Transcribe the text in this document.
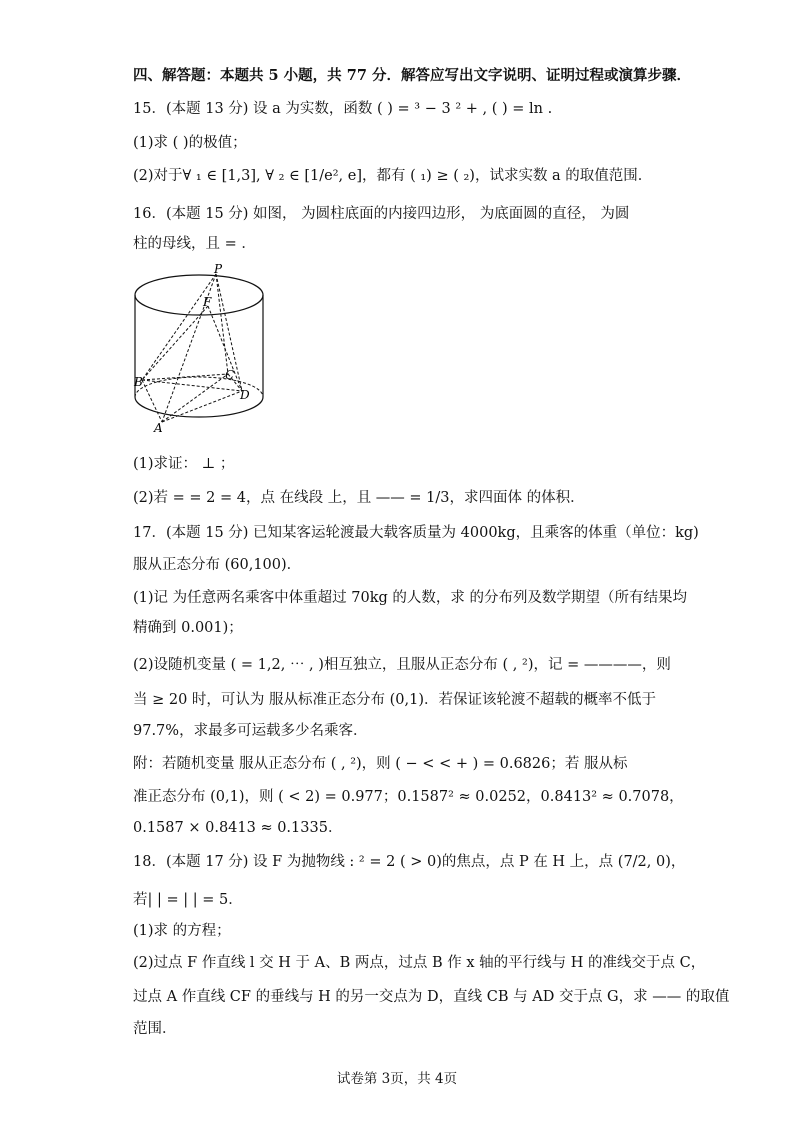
四、解答题：本题共 5 小题，共 77 分．解答应写出文字说明、证明过程或演算步骤．
15．(本题 13 分) 设 a 为实数，函数 ( ) = ³ − 3 ² + , ( ) = ln .
(1)求 ( )的极值；
(2)对于∀ ₁ ∈ [1,3], ∀ ₂ ∈ [1/e², e]，都有 ( ₁) ≥ ( ₂)，试求实数 a 的取值范围．
16．(本题 15 分) 如图， 为圆柱底面的内接四边形， 为底面圆的直径， 为圆
柱的母线，且 = ．
P
F
B	C
D
A
(1)求证： ⊥ ；
(2)若 = = 2 = 4，点 在线段 上，且 —— = 1/3，求四面体 的体积．
17．(本题 15 分) 已知某客运轮渡最大载客质量为 4000kg，且乘客的体重（单位：kg)
服从正态分布 (60,100)．
(1)记 为任意两名乘客中体重超过 70kg 的人数，求 的分布列及数学期望（所有结果均
精确到 0.001)；
(2)设随机变量 ( = 1,2, ⋯ , )相互独立，且服从正态分布 ( , ²)，记 = ————，则
当 ≥ 20 时，可认为 服从标准正态分布 (0,1)．若保证该轮渡不超载的概率不低于
97.7%，求最多可运载多少名乘客．
附：若随机变量 服从正态分布 ( , ²)，则 ( − < < + ) = 0.6826；若 服从标
准正态分布 (0,1)，则 ( < 2) = 0.977；0.1587² ≈ 0.0252，0.8413² ≈ 0.7078，
0.1587 × 0.8413 ≈ 0.1335．
18．(本题 17 分) 设 F 为抛物线 : ² = 2 ( > 0)的焦点，点 P 在 H 上，点 (7/2, 0)，
若| | = | | = 5．
(1)求 的方程；
(2)过点 F 作直线 l 交 H 于 A、B 两点，过点 B 作 x 轴的平行线与 H 的准线交于点 C，
过点 A 作直线 CF 的垂线与 H 的另一交点为 D，直线 CB 与 AD 交于点 G，求 —— 的取值
范围．
试卷第 3页，共 4页
